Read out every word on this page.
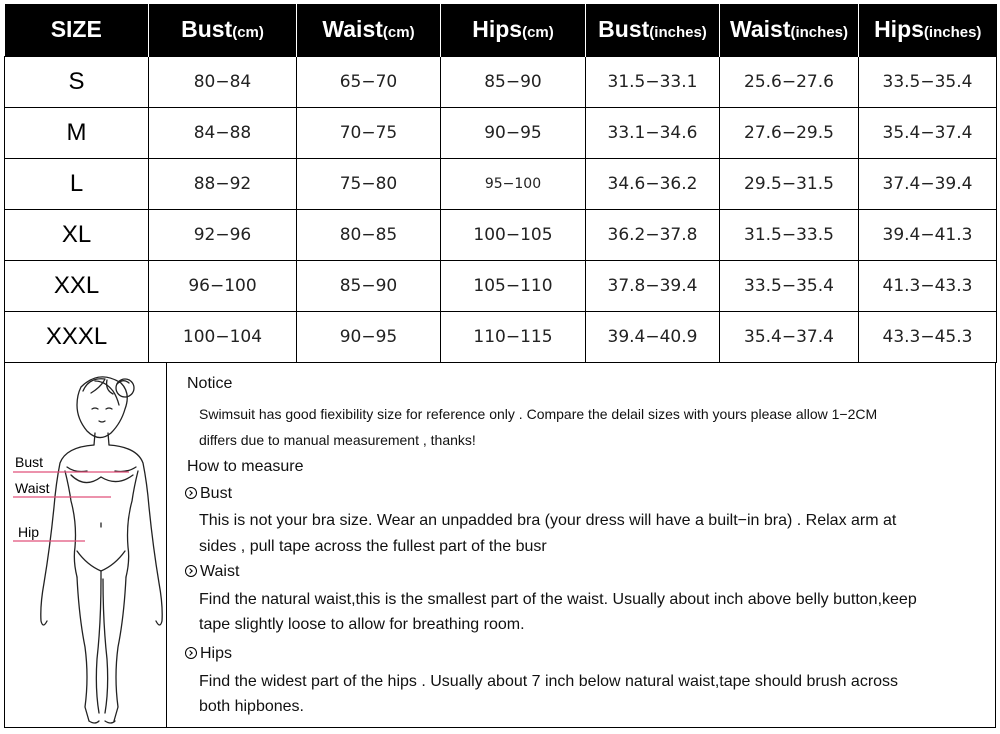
SIZE	Bust(cm)	Waist(cm)	Hips(cm)	Bust(inches)	Waist(inches)	Hips(inches)
S	80−84	65−70	85−90	31.5−33.1	25.6−27.6	33.5−35.4
M	84−88	70−75	90−95	33.1−34.6	27.6−29.5	35.4−37.4
L	88−92	75−80	95−100	34.6−36.2	29.5−31.5	37.4−39.4
XL	92−96	80−85	100−105	36.2−37.8	31.5−33.5	39.4−41.3
XXL	96−100	85−90	105−110	37.8−39.4	33.5−35.4	41.3−43.3
XXXL	100−104	90−95	110−115	39.4−40.9	35.4−37.4	43.3−45.3
Bust
Waist
Hip
Notice
Swimsuit has good fiexibility size for reference only . Compare the delail sizes with yours please allow 1−2CM
differs due to manual measurement , thanks!
How to measure
Bust
This is not your bra size. Wear an unpadded bra (your dress will have a built−in bra) . Relax arm at
sides , pull tape across the fullest part of the busr
Waist
Find the natural waist,this is the smallest part of the waist. Usually about inch above belly button,keep
tape slightly loose to allow for breathing room.
Hips
Find the widest part of the hips . Usually about 7 inch below natural waist,tape should brush across
both hipbones.
